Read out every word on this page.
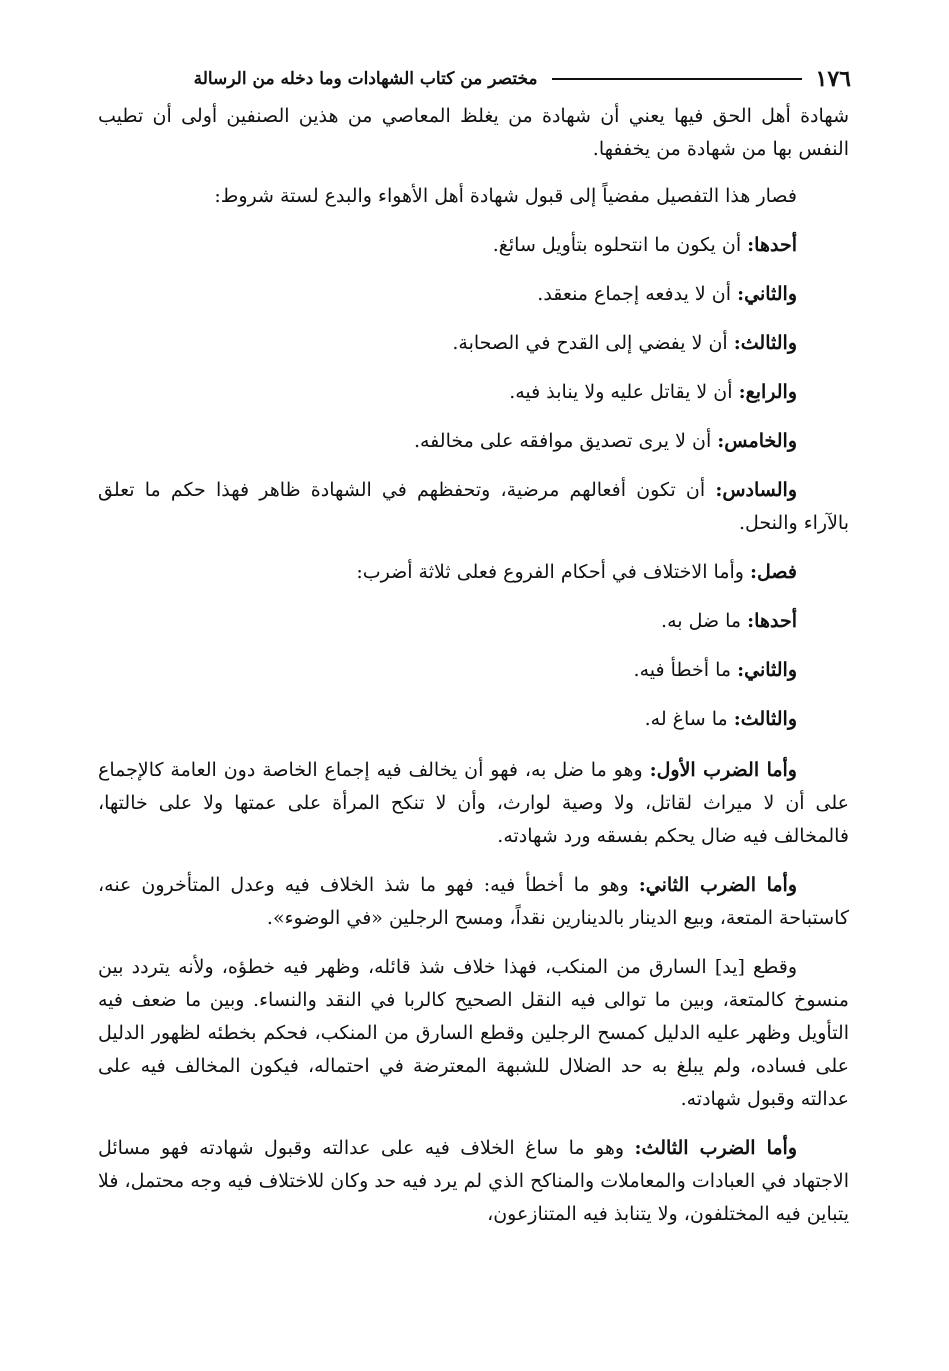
١٧٦
مختصر من كتاب الشهادات وما دخله من الرسالة

شهادة أهل الحق فيها يعني أن شهادة من يغلظ المعاصي من هذين الصنفين أولى أن تطيب النفس بها من شهادة من يخففها.

فصار هذا التفصيل مفضياً إلى قبول شهادة أهل الأهواء والبدع لستة شروط:

أحدها: أن يكون ما انتحلوه بتأويل سائغ.

والثاني: أن لا يدفعه إجماع منعقد.

والثالث: أن لا يفضي إلى القدح في الصحابة.

والرابع: أن لا يقاتل عليه ولا ينابذ فيه.

والخامس: أن لا يرى تصديق موافقه على مخالفه.

والسادس: أن تكون أفعالهم مرضية، وتحفظهم في الشهادة ظاهر فهذا حكم ما تعلق بالآراء والنحل.

فصل: وأما الاختلاف في أحكام الفروع فعلى ثلاثة أضرب:

أحدها: ما ضل به.

والثاني: ما أخطأ فيه.

والثالث: ما ساغ له.

وأما الضرب الأول: وهو ما ضل به، فهو أن يخالف فيه إجماع الخاصة دون العامة كالإجماع على أن لا ميراث لقاتل، ولا وصية لوارث، وأن لا تنكح المرأة على عمتها ولا على خالتها، فالمخالف فيه ضال يحكم بفسقه ورد شهادته.

وأما الضرب الثاني: وهو ما أخطأ فيه: فهو ما شذ الخلاف فيه وعدل المتأخرون عنه، كاستباحة المتعة، وبيع الدينار بالدينارين نقداً، ومسح الرجلين «في الوضوء».

وقطع [يد] السارق من المنكب، فهذا خلاف شذ قائله، وظهر فيه خطؤه، ولأنه يتردد بين منسوخ كالمتعة، وبين ما توالى فيه النقل الصحيح كالربا في النقد والنساء. وبين ما ضعف فيه التأويل وظهر عليه الدليل كمسح الرجلين وقطع السارق من المنكب، فحكم بخطئه لظهور الدليل على فساده، ولم يبلغ به حد الضلال للشبهة المعترضة في احتماله، فيكون المخالف فيه على عدالته وقبول شهادته.

وأما الضرب الثالث: وهو ما ساغ الخلاف فيه على عدالته وقبول شهادته فهو مسائل الاجتهاد في العبادات والمعاملات والمناكح الذي لم يرد فيه حد وكان للاختلاف فيه وجه محتمل، فلا يتباين فيه المختلفون، ولا يتنابذ فيه المتنازعون،
